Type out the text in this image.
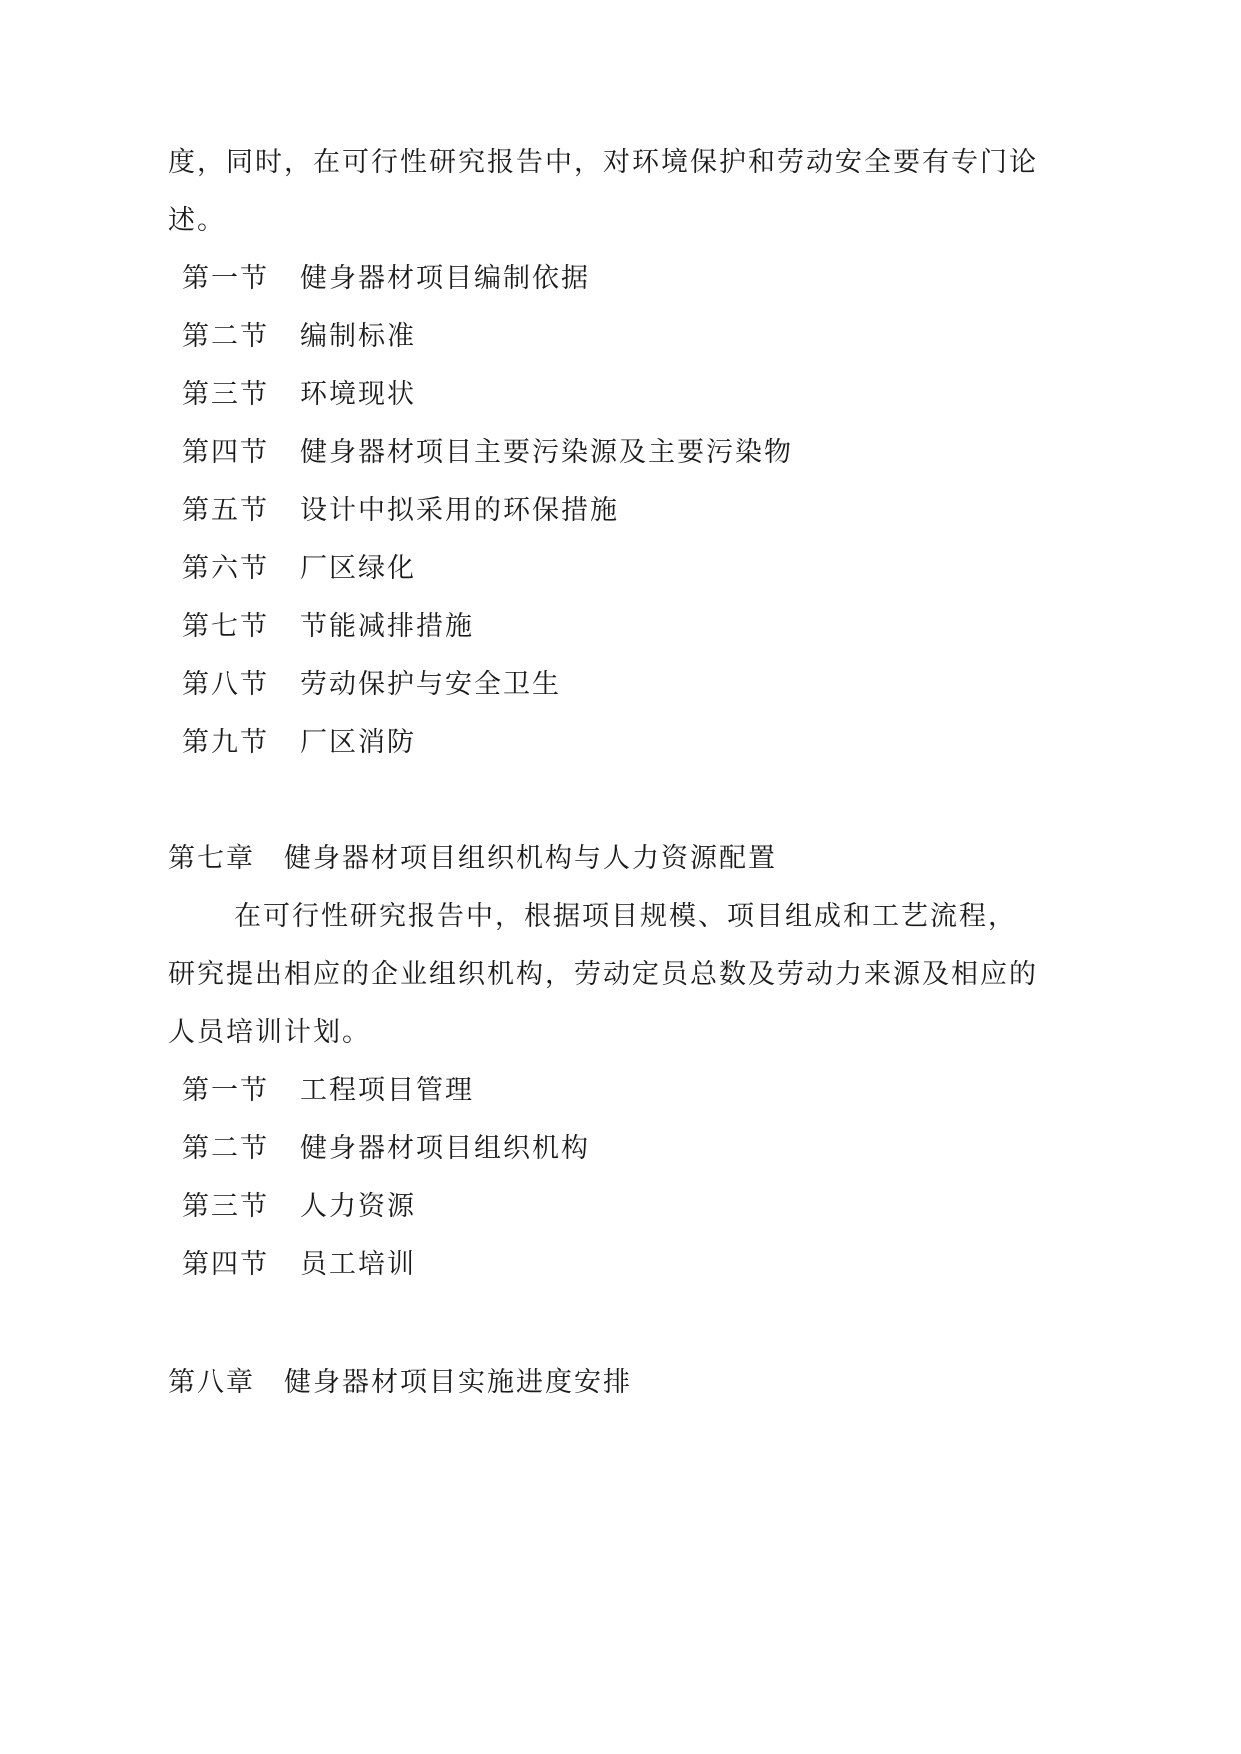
度，同时，在可行性研究报告中，对环境保护和劳动安全要有专门论
述。
第一节 健身器材项目编制依据
第二节 编制标准
第三节 环境现状
第四节 健身器材项目主要污染源及主要污染物
第五节 设计中拟采用的环保措施
第六节 厂区绿化
第七节 节能减排措施
第八节 劳动保护与安全卫生
第九节 厂区消防
第七章 健身器材项目组织机构与人力资源配置
在可行性研究报告中，根据项目规模、项目组成和工艺流程，
研究提出相应的企业组织机构，劳动定员总数及劳动力来源及相应的
人员培训计划。
第一节 工程项目管理
第二节 健身器材项目组织机构
第三节 人力资源
第四节 员工培训
第八章 健身器材项目实施进度安排
